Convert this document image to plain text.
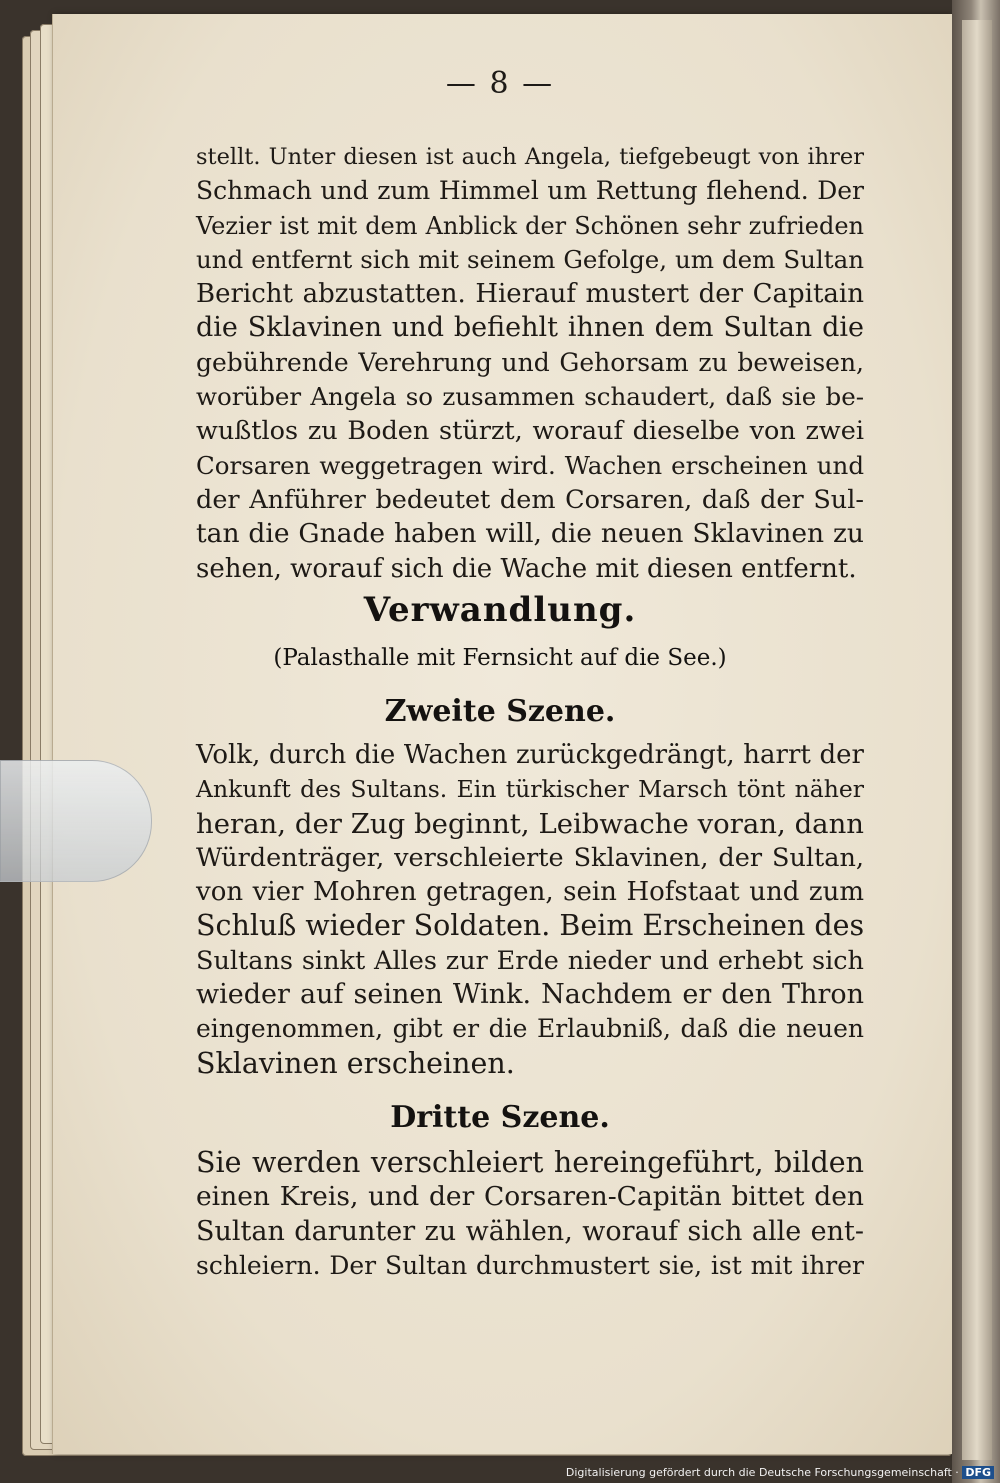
— 8 —
stellt. Unter diesen ist auch Angela, tiefgebeugt von ihrer
Schmach und zum Himmel um Rettung flehend. Der
Vezier ist mit dem Anblick der Schönen sehr zufrieden
und entfernt sich mit seinem Gefolge, um dem Sultan
Bericht abzustatten. Hierauf mustert der Capitain
die Sklavinen und befiehlt ihnen dem Sultan die
gebührende Verehrung und Gehorsam zu beweisen,
worüber Angela so zusammen schaudert, daß sie be-
wußtlos zu Boden stürzt, worauf dieselbe von zwei
Corsaren weggetragen wird. Wachen erscheinen und
der Anführer bedeutet dem Corsaren, daß der Sul-
tan die Gnade haben will, die neuen Sklavinen zu
sehen, worauf sich die Wache mit diesen entfernt.
Verwandlung.
(Palasthalle mit Fernsicht auf die See.)
Zweite Szene.
Volk, durch die Wachen zurückgedrängt, harrt der
Ankunft des Sultans. Ein türkischer Marsch tönt näher
heran, der Zug beginnt, Leibwache voran, dann
Würdenträger, verschleierte Sklavinen, der Sultan,
von vier Mohren getragen, sein Hofstaat und zum
Schluß wieder Soldaten. Beim Erscheinen des
Sultans sinkt Alles zur Erde nieder und erhebt sich
wieder auf seinen Wink. Nachdem er den Thron
eingenommen, gibt er die Erlaubniß, daß die neuen
Sklavinen erscheinen.
Dritte Szene.
Sie werden verschleiert hereingeführt, bilden
einen Kreis, und der Corsaren-Capitän bittet den
Sultan darunter zu wählen, worauf sich alle ent-
schleiern. Der Sultan durchmustert sie, ist mit ihrer
Digitalisierung gefördert durch die Deutsche Forschungsgemeinschaft · DFG
